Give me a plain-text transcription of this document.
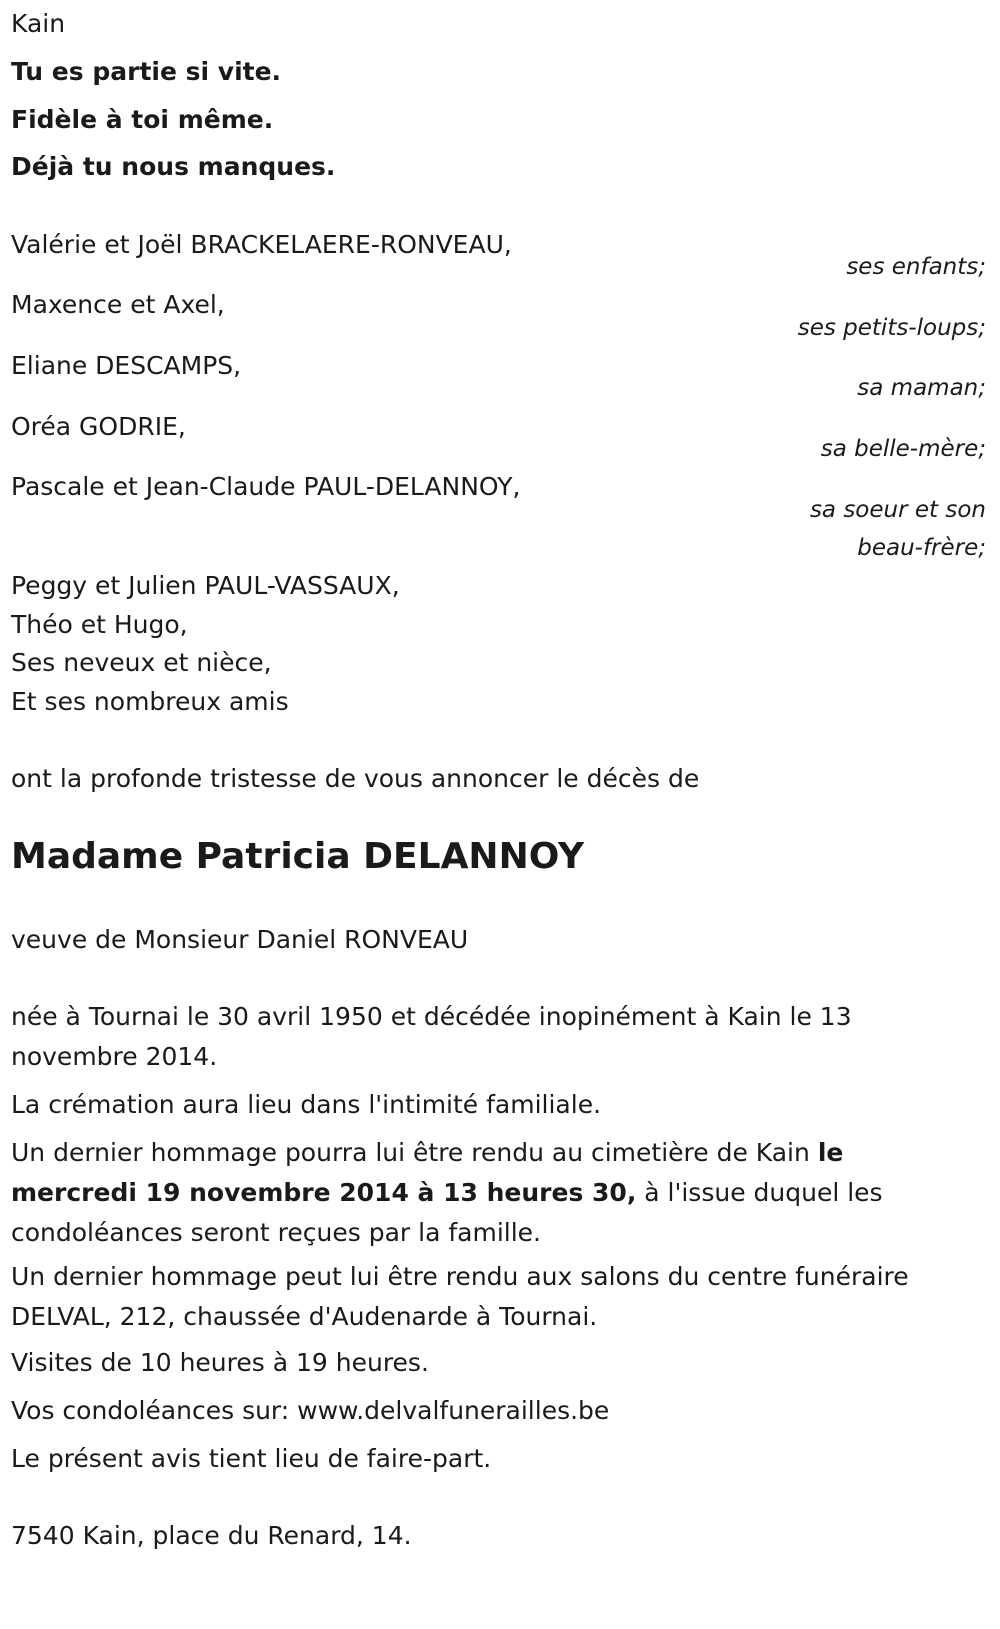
Kain
Tu es partie si vite.
Fidèle à toi même.
Déjà tu nous manques.
Valérie et Joël BRACKELAERE-RONVEAU,
ses enfants;
Maxence et Axel,
ses petits-loups;
Eliane DESCAMPS,
sa maman;
Oréa GODRIE,
sa belle-mère;
Pascale et Jean-Claude PAUL-DELANNOY,
sa soeur et son
beau-frère;
Peggy et Julien PAUL-VASSAUX,
Théo et Hugo,
Ses neveux et nièce,
Et ses nombreux amis
ont la profonde tristesse de vous annoncer le décès de
Madame Patricia DELANNOY
veuve de Monsieur Daniel RONVEAU
née à Tournai le 30 avril 1950 et décédée inopinément à Kain le 13 novembre 2014.
La crémation aura lieu dans l'intimité familiale.
Un dernier hommage pourra lui être rendu au cimetière de Kain le mercredi 19 novembre 2014 à 13 heures 30, à l'issue duquel les condoléances seront reçues par la famille.
Un dernier hommage peut lui être rendu aux salons du centre funéraire DELVAL, 212, chaussée d'Audenarde à Tournai.
Visites de 10 heures à 19 heures.
Vos condoléances sur: www.delvalfunerailles.be
Le présent avis tient lieu de faire-part.
7540 Kain, place du Renard, 14.
